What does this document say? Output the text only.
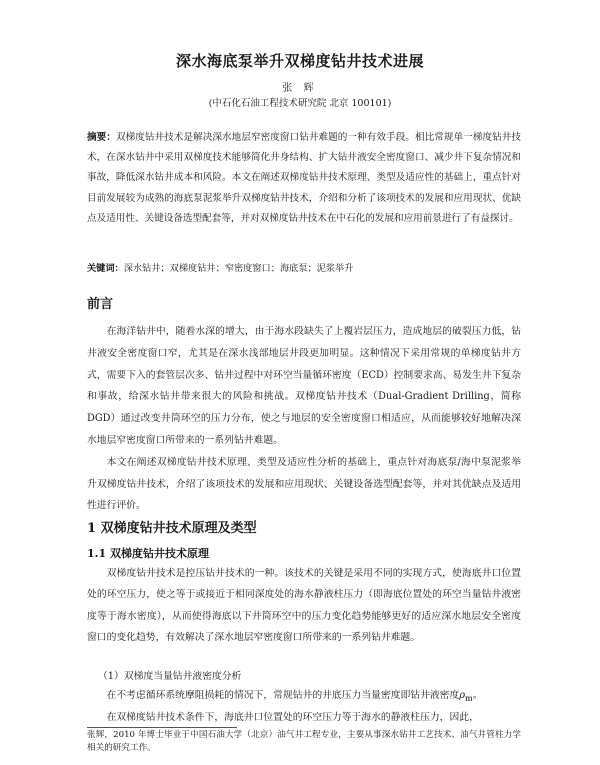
深水海底泵举升双梯度钻井技术进展
张 辉
(中石化石油工程技术研究院 北京 100101)
摘要：双梯度钻井技术是解决深水地层窄密度窗口钻井难题的一种有效手段。相比常规单一梯度钻井技术，在深水钻井中采用双梯度技术能够简化井身结构、扩大钻井液安全密度窗口、减少井下复杂情况和事故，降低深水钻井成本和风险。本文在阐述双梯度钻井技术原理、类型及适应性的基础上，重点针对目前发展较为成熟的海底泵泥浆举升双梯度钻井技术，介绍和分析了该项技术的发展和应用现状、优缺点及适用性、关键设备选型配套等，并对双梯度钻井技术在中石化的发展和应用前景进行了有益探讨。
关键词：深水钻井；双梯度钻井；窄密度窗口；海底泵；泥浆举升
前言
在海洋钻井中，随着水深的增大，由于海水段缺失了上覆岩层压力，造成地层的破裂压力低，钻井液安全密度窗口窄，尤其是在深水浅部地层井段更加明显。这种情况下采用常规的单梯度钻井方式，需要下入的套管层次多、钻井过程中对环空当量循环密度（ECD）控制要求高、易发生井下复杂和事故，给深水钻井带来很大的风险和挑战。双梯度钻井技术（Dual-Gradient Drilling，简称 DGD）通过改变井筒环空的压力分布，使之与地层的安全密度窗口相适应，从而能够较好地解决深水地层窄密度窗口所带来的一系列钻井难题。
本文在阐述双梯度钻井技术原理、类型及适应性分析的基础上，重点针对海底泵/海中泵泥浆举升双梯度钻井技术，介绍了该项技术的发展和应用现状、关键设备选型配套等，并对其优缺点及适用性进行评价。
1 双梯度钻井技术原理及类型
1.1 双梯度钻井技术原理
双梯度钻井技术是控压钻井技术的一种。该技术的关键是采用不同的实现方式，使海底井口位置处的环空压力，使之等于或接近于相同深度处的海水静液柱压力（即海底位置处的环空当量钻井液密度等于海水密度），从而使得海底以下井筒环空中的压力变化趋势能够更好的适应深水地层安全密度窗口的变化趋势，有效解决了深水地层窄密度窗口所带来的一系列钻井难题。
（1）双梯度当量钻井液密度分析
在不考虑循环系统摩阻损耗的情况下，常规钻井的井底压力当量密度即钻井液密度$\rho_m$。
在双梯度钻井技术条件下，海底井口位置处的环空压力等于海水的静液柱压力，因此，
张辉，2010 年博士毕业于中国石油大学（北京）油气井工程专业，主要从事深水钻井工艺技术、油气井管柱力学相关的研究工作。
